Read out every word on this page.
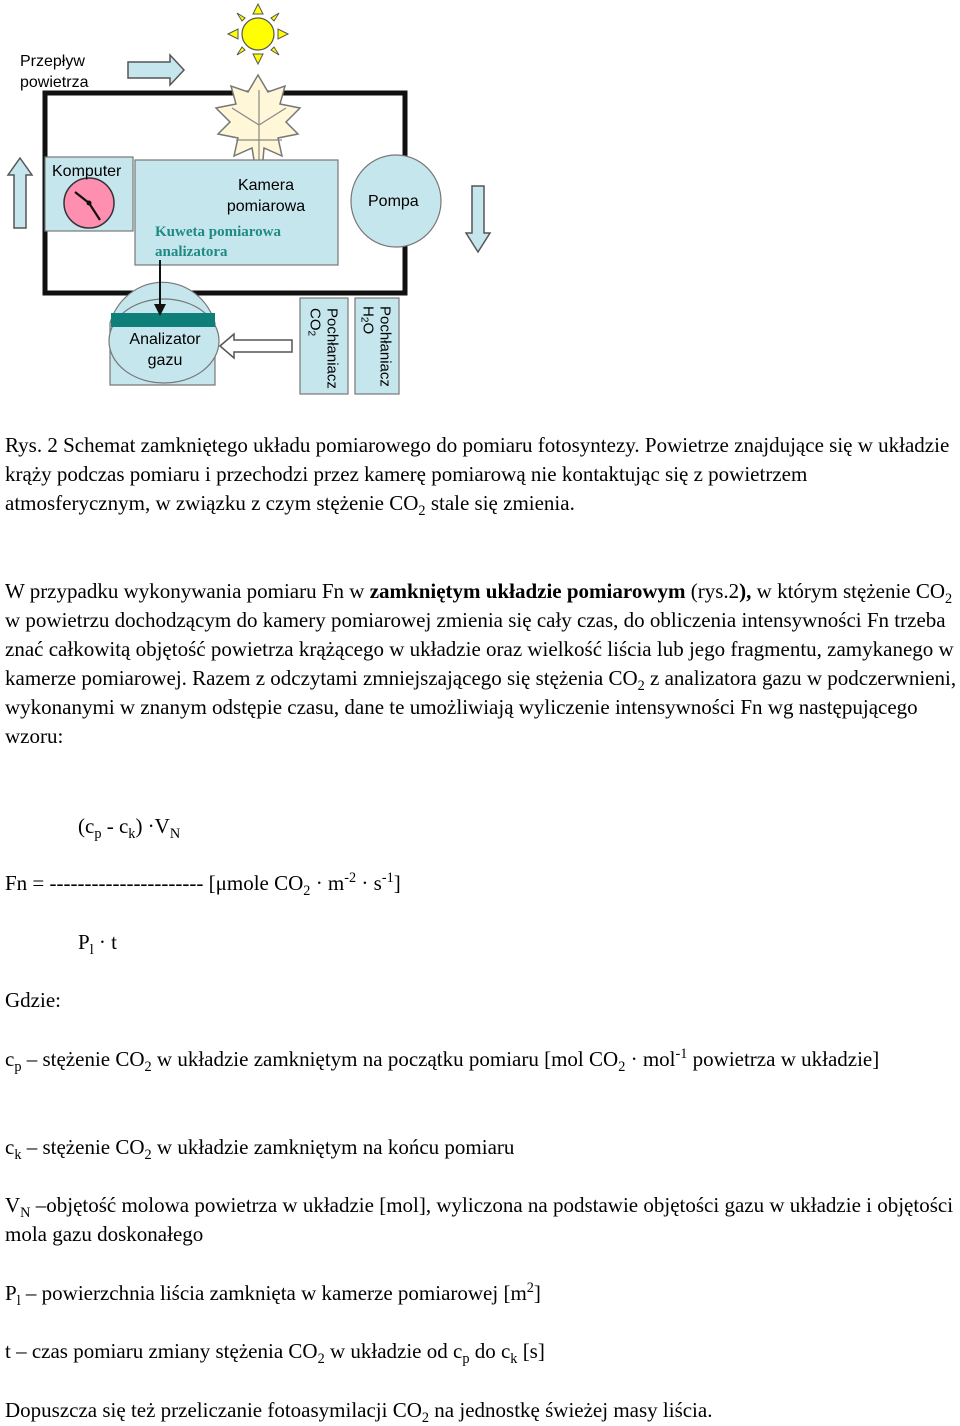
Przepływ
powietrza
Komputer
Kamera
pomiarowa
Kuweta pomiarowa
analizatora
Pompa
Analizator
gazu	Pochłaniacz
$CO_2$	Pochłaniacz
$H_2O$

Rys. 2 Schemat zamkniętego układu pomiarowego do pomiaru fotosyntezy. Powietrze znajdujące się w układzie krąży podczas pomiaru i przechodzi przez kamerę pomiarową nie kontaktując się z powietrzem atmosferycznym, w związku z czym stężenie $CO_2$ stale się zmienia.

W przypadku wykonywania pomiaru Fn w zamkniętym układzie pomiarowym (rys.2), w którym stężenie $CO_2$ w powietrzu dochodzącym do kamery pomiarowej zmienia się cały czas, do obliczenia intensywności Fn trzeba znać całkowitą objętość powietrza krążącego w układzie oraz wielkość liścia lub jego fragmentu, zamykanego w kamerze pomiarowej. Razem z odczytami zmniejszającego się stężenia $CO_2$ z analizatora gazu w podczerwnieni, wykonanymi w znanym odstępie czasu, dane te umożliwiają wyliczenie intensywności Fn wg następującego wzoru:

$(c_p - c_k) \cdot V_N$

Fn = ---------------------- [μmole $CO_2 \cdot m^{-2} \cdot s^{-1}$]

$P_l \cdot t$

Gdzie:

$c_p$ – stężenie $CO_2$ w układzie zamkniętym na początku pomiaru [mol $CO_2 \cdot mol^{-1}$ powietrza w układzie]

$c_k$ – stężenie $CO_2$ w układzie zamkniętym na końcu pomiaru

$V_N$ –objętość molowa powietrza w układzie [mol], wyliczona na podstawie objętości gazu w układzie i objętości mola gazu doskonałego

$P_l$ – powierzchnia liścia zamknięta w kamerze pomiarowej $[m^2]$

t – czas pomiaru zmiany stężenia $CO_2$ w układzie od $c_p$ do $c_k$ [s]

Dopuszcza się też przeliczanie fotoasymilacji $CO_2$ na jednostkę świeżej masy liścia.
